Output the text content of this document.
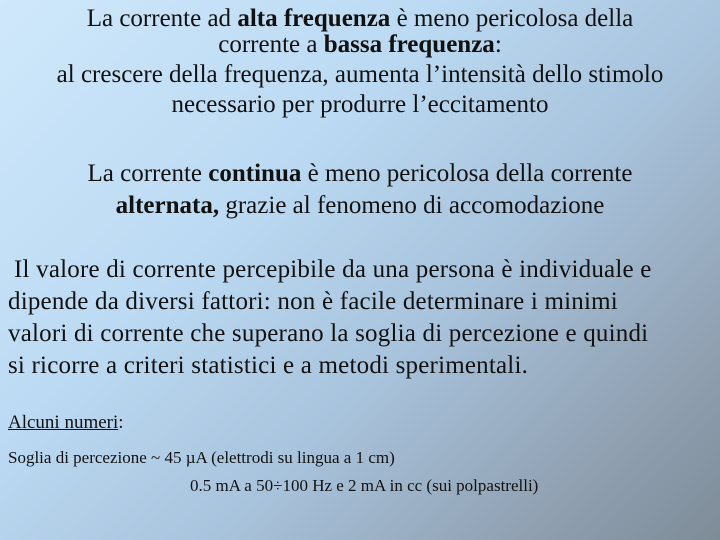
La corrente ad alta frequenza è meno pericolosa della
corrente a bassa frequenza:
al crescere della frequenza, aumenta l’intensità dello stimolo
necessario per produrre l’eccitamento
La corrente continua è meno pericolosa della corrente
alternata, grazie al fenomeno di accomodazione
Il valore di corrente percepibile da una persona è individuale e
dipende da diversi fattori: non è facile determinare i minimi
valori di corrente che superano la soglia di percezione e quindi
si ricorre a criteri statistici e a metodi sperimentali.
Alcuni numeri:
Soglia di percezione ~ 45 µA (elettrodi su lingua a 1 cm)
0.5 mA a 50÷100 Hz e 2 mA in cc (sui polpastrelli)
